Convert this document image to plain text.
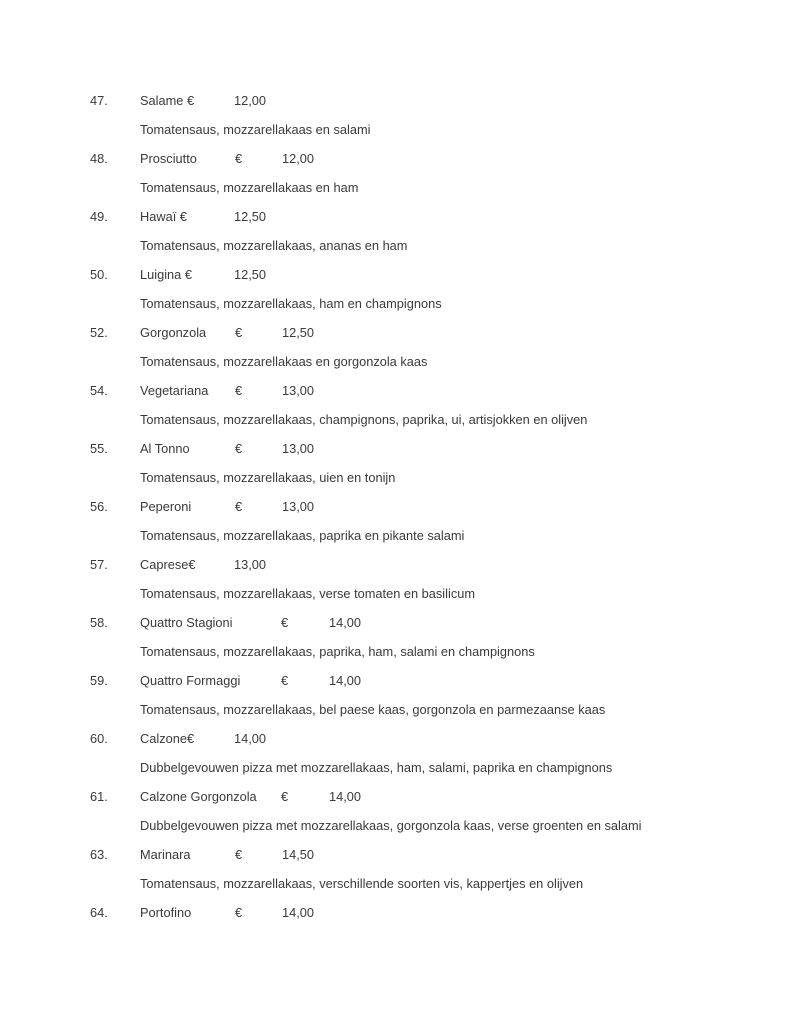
47.	Salame €	12,00
Tomatensaus, mozzarellakaas en salami
48.	Prosciutto	€	12,00
Tomatensaus, mozzarellakaas en ham
49.	Hawaï €	12,50
Tomatensaus, mozzarellakaas, ananas en ham
50.	Luigina €	12,50
Tomatensaus, mozzarellakaas, ham en champignons
52.	Gorgonzola €	12,50
Tomatensaus, mozzarellakaas en gorgonzola kaas
54.	Vegetariana €	13,00
Tomatensaus, mozzarellakaas, champignons, paprika, ui, artisjokken en olijven
55.	Al Tonno	€	13,00
Tomatensaus, mozzarellakaas, uien en tonijn
56.	Peperoni	€	13,00
Tomatensaus, mozzarellakaas, paprika en pikante salami
57.	Caprese€	13,00
Tomatensaus, mozzarellakaas, verse tomaten en basilicum
58.	Quattro Stagioni	€	14,00
Tomatensaus, mozzarellakaas, paprika, ham, salami en champignons
59.	Quattro Formaggi	€	14,00
Tomatensaus, mozzarellakaas, bel paese kaas, gorgonzola en parmezaanse kaas
60.	Calzone€	14,00
Dubbelgevouwen pizza met mozzarellakaas, ham, salami, paprika en champignons
61.	Calzone Gorgonzola €	14,00
Dubbelgevouwen pizza met mozzarellakaas, gorgonzola kaas, verse groenten en salami
63.	Marinara	€	14,50
Tomatensaus, mozzarellakaas, verschillende soorten vis, kappertjes en olijven
64.	Portofino	€	14,00
